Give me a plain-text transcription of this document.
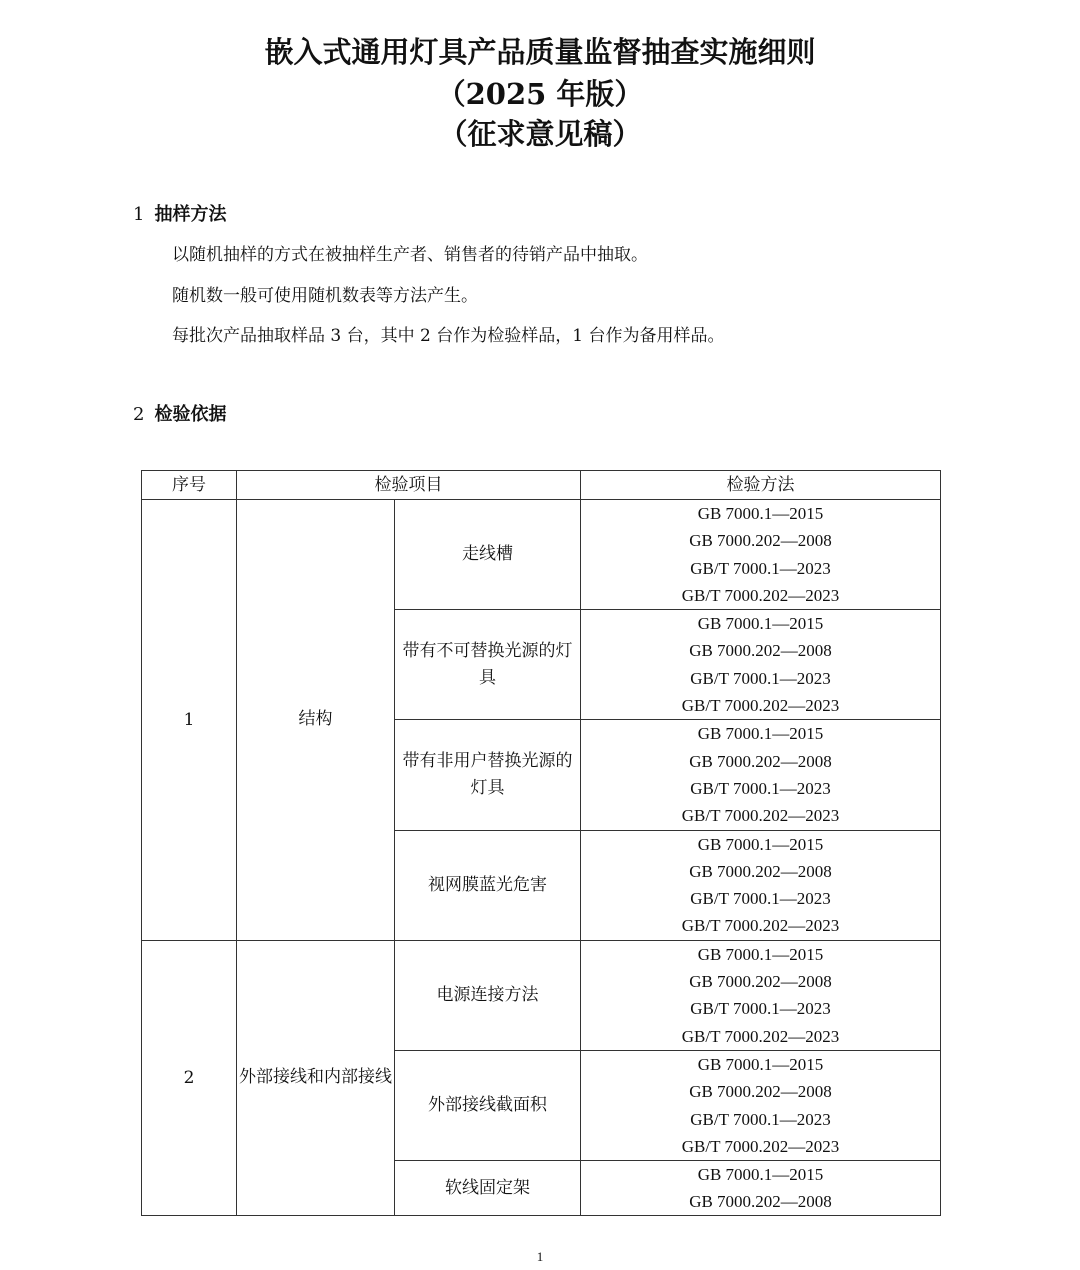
嵌入式通用灯具产品质量监督抽查实施细则
（2025 年版）
（征求意见稿）
1 抽样方法

以随机抽样的方式在被抽样生产者、销售者的待销产品中抽取。

随机数一般可使用随机数表等方法产生。

每批次产品抽取样品 3 台，其中 2 台作为检验样品，1 台作为备用样品。

2 检验依据
序号	检验项目		检验方法
1	结构	走线槽	GB 7000.1—2015
GB 7000.202—2008
GB/T 7000.1—2023
GB/T 7000.202—2023

		带有不可替换光源的灯具	GB 7000.1—2015
GB 7000.202—2008
GB/T 7000.1—2023
GB/T 7000.202—2023

		带有非用户替换光源的灯具	GB 7000.1—2015
GB 7000.202—2008
GB/T 7000.1—2023
GB/T 7000.202—2023

		视网膜蓝光危害	GB 7000.1—2015
GB 7000.202—2008
GB/T 7000.1—2023
GB/T 7000.202—2023

2	外部接线和内部接线	电源连接方法	GB 7000.1—2015
GB 7000.202—2008
GB/T 7000.1—2023
GB/T 7000.202—2023

		外部接线截面积	GB 7000.1—2015
GB 7000.202—2008
GB/T 7000.1—2023
GB/T 7000.202—2023

		软线固定架	GB 7000.1—2015
GB 7000.202—2008
1
